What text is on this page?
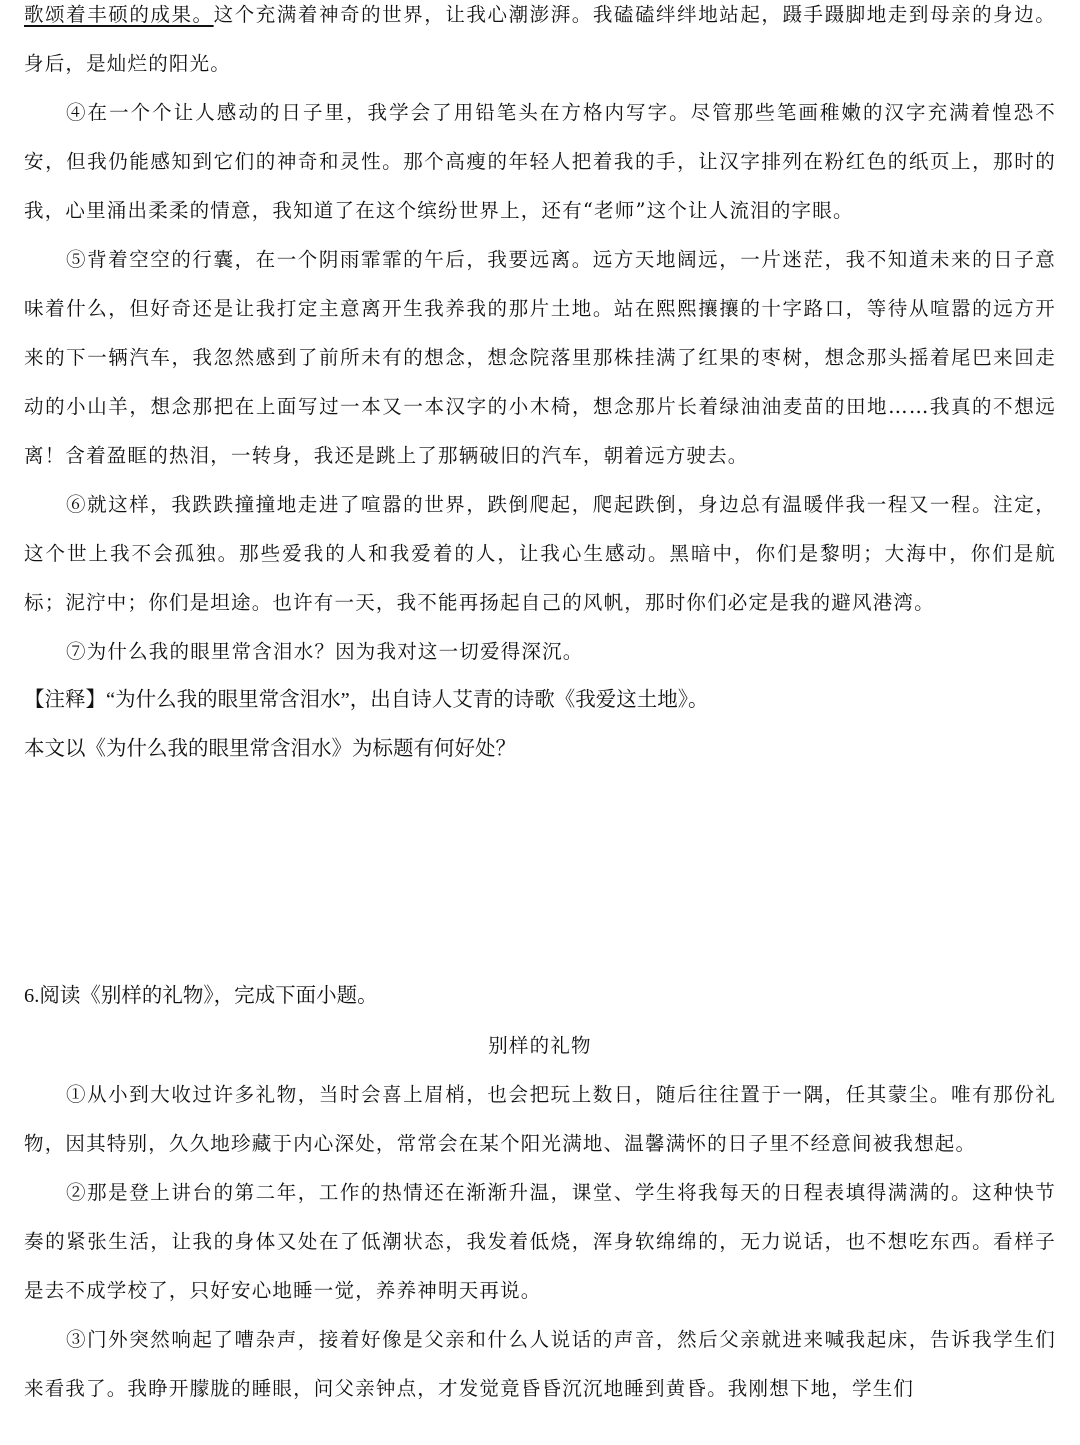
歌颂着丰硕的成果。这个充满着神奇的世界，让我心潮澎湃。我磕磕绊绊地站起，蹑手蹑脚地走到母亲的身边。身后，是灿烂的阳光。

④在一个个让人感动的日子里，我学会了用铅笔头在方格内写字。尽管那些笔画稚嫩的汉字充满着惶恐不安，但我仍能感知到它们的神奇和灵性。那个高瘦的年轻人把着我的手，让汉字排列在粉红色的纸页上，那时的我，心里涌出柔柔的情意，我知道了在这个缤纷世界上，还有“老师”这个让人流泪的字眼。

⑤背着空空的行囊，在一个阴雨霏霏的午后，我要远离。远方天地阔远，一片迷茫，我不知道未来的日子意味着什么，但好奇还是让我打定主意离开生我养我的那片土地。站在熙熙攘攘的十字路口，等待从喧嚣的远方开来的下一辆汽车，我忽然感到了前所未有的想念，想念院落里那株挂满了红果的枣树，想念那头摇着尾巴来回走动的小山羊，想念那把在上面写过一本又一本汉字的小木椅，想念那片长着绿油油麦苗的田地……我真的不想远离！含着盈眶的热泪，一转身，我还是跳上了那辆破旧的汽车，朝着远方驶去。

⑥就这样，我跌跌撞撞地走进了喧嚣的世界，跌倒爬起，爬起跌倒，身边总有温暖伴我一程又一程。注定，这个世上我不会孤独。那些爱我的人和我爱着的人，让我心生感动。黑暗中，你们是黎明；大海中，你们是航标；泥泞中；你们是坦途。也许有一天，我不能再扬起自己的风帆，那时你们必定是我的避风港湾。

⑦为什么我的眼里常含泪水？因为我对这一切爱得深沉。

【注释】“为什么我的眼里常含泪水”，出自诗人艾青的诗歌《我爱这土地》。

本文以《为什么我的眼里常含泪水》为标题有何好处？

6.阅读《别样的礼物》，完成下面小题。

别样的礼物

①从小到大收过许多礼物，当时会喜上眉梢，也会把玩上数日，随后往往置于一隅，任其蒙尘。唯有那份礼物，因其特别，久久地珍藏于内心深处，常常会在某个阳光满地、温馨满怀的日子里不经意间被我想起。

②那是登上讲台的第二年，工作的热情还在渐渐升温，课堂、学生将我每天的日程表填得满满的。这种快节奏的紧张生活，让我的身体又处在了低潮状态，我发着低烧，浑身软绵绵的，无力说话，也不想吃东西。看样子是去不成学校了，只好安心地睡一觉，养养神明天再说。

③门外突然响起了嘈杂声，接着好像是父亲和什么人说话的声音，然后父亲就进来喊我起床，告诉我学生们来看我了。我睁开朦胧的睡眼，问父亲钟点，才发觉竟昏昏沉沉地睡到黄昏。我刚想下地，学生们
